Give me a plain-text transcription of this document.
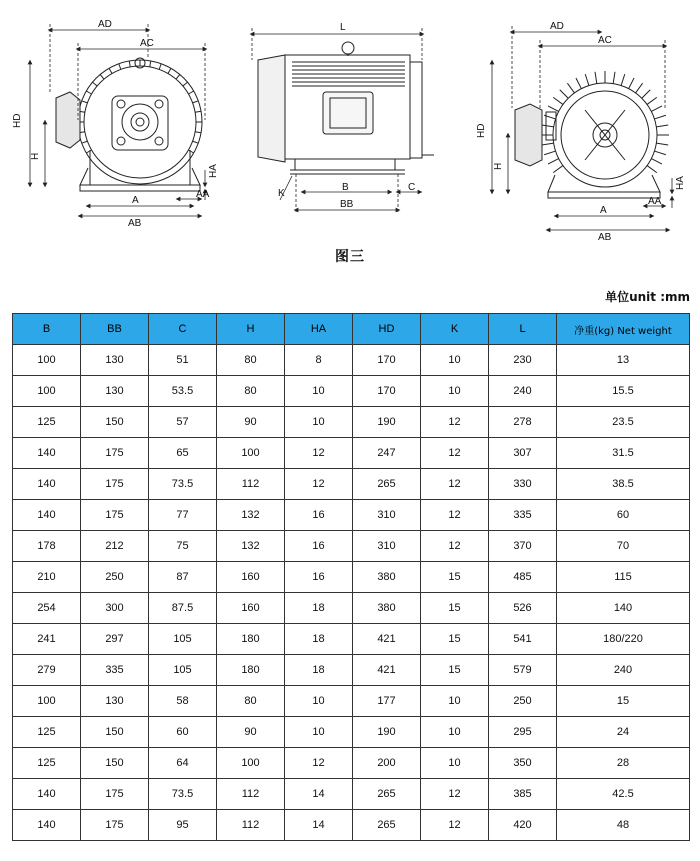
AD
AC
HD
H
HA
A
AA
AB
L
B
BB
C
K
AD
AC
HD
H
HA
A
AA
AB
图三
单位unit :mm
B	BB	C	H	HA	HD	K	L	净重(kg) Net weight
100	130	51	80	8	170	10	230	13
100	130	53.5	80	10	170	10	240	15.5
125	150	57	90	10	190	12	278	23.5
140	175	65	100	12	247	12	307	31.5
140	175	73.5	112	12	265	12	330	38.5
140	175	77	132	16	310	12	335	60
178	212	75	132	16	310	12	370	70
210	250	87	160	16	380	15	485	115
254	300	87.5	160	18	380	15	526	140
241	297	105	180	18	421	15	541	180/220
279	335	105	180	18	421	15	579	240
100	130	58	80	10	177	10	250	15
125	150	60	90	10	190	10	295	24
125	150	64	100	12	200	10	350	28
140	175	73.5	112	14	265	12	385	42.5
140	175	95	112	14	265	12	420	48
